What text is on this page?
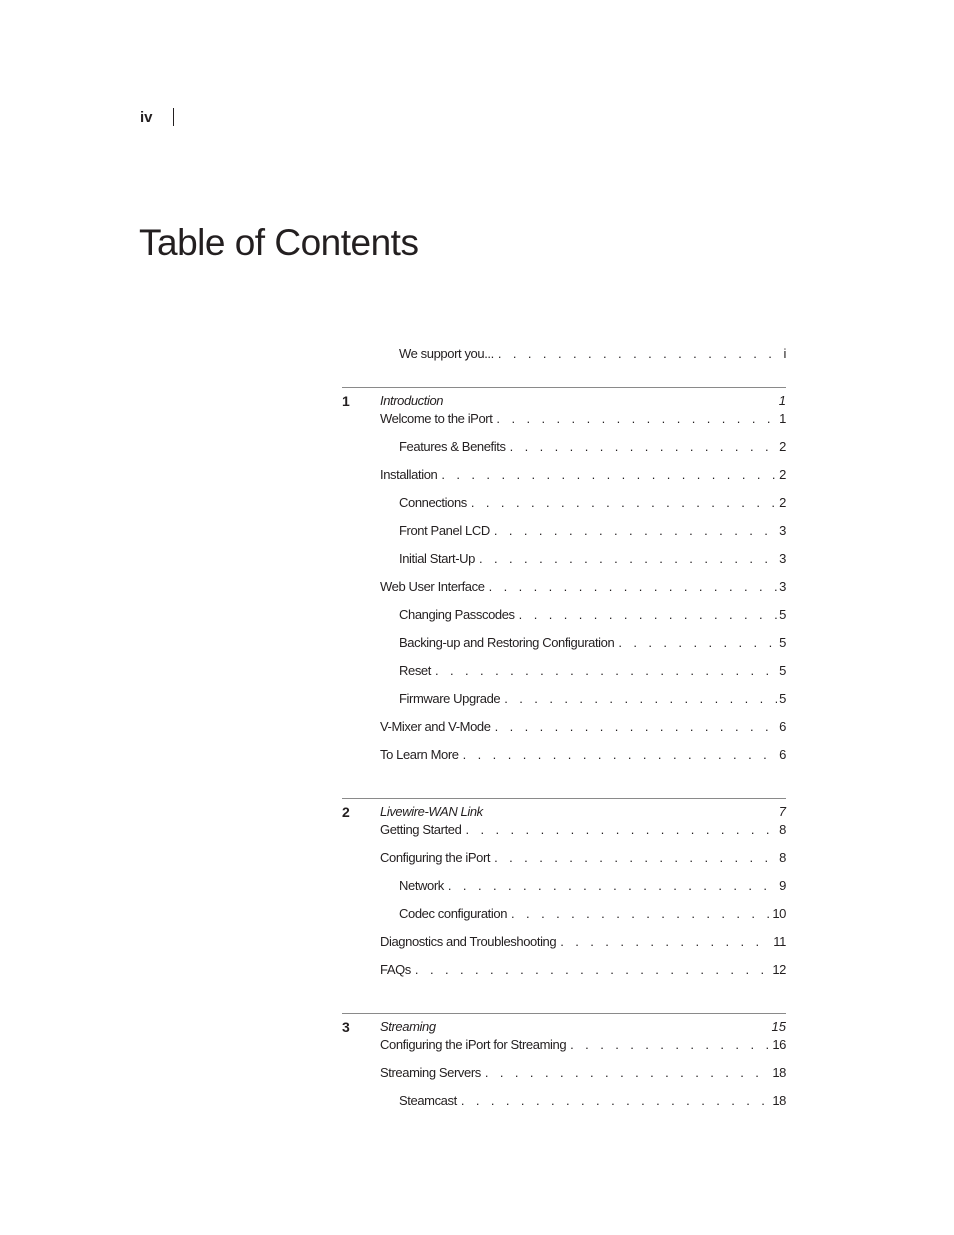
iv
Table of Contents
We support you... . . .	i
1 Introduction	1
Welcome to the iPort . . .	1
Features & Benefits . . .	2
Installation . . .	2
Connections . . .	2
Front Panel LCD . . .	3
Initial Start-Up . . .	3
Web User Interface . . .	3
Changing Passcodes . . .	5
Backing-up and Restoring Configuration . . .	5
Reset . . .	5
Firmware Upgrade . . .	5
V-Mixer and V-Mode . . .	6
To Learn More . . .	6
2 Livewire-WAN Link	7
Getting Started . . .	8
Configuring the iPort . . .	8
Network . . .	9
Codec configuration . . .	10
Diagnostics and Troubleshooting . . .	11
FAQs . . .	12
3 Streaming	15
Configuring the iPort for Streaming . . .	16
Streaming Servers . . .	18
Steamcast . . .	18
